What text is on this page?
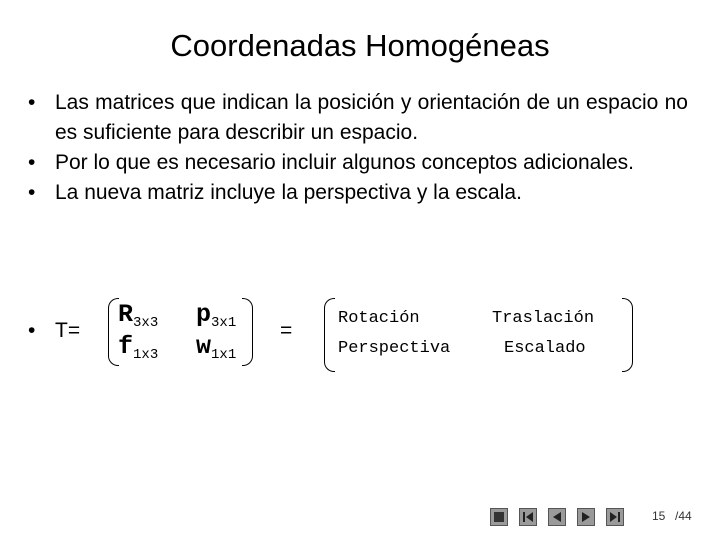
Coordenadas Homogéneas
• Las matrices que indican la posición y orientación de un espacio no es suficiente para describir un espacio.
• Por lo que es necesario incluir algunos conceptos adicionales.
• La nueva matriz incluye la perspectiva y la escala.
• T=
R3x3 p3x1
f1x3 w1x1
=
Rotación	Traslación
Perspectiva	Escalado
15 /44
